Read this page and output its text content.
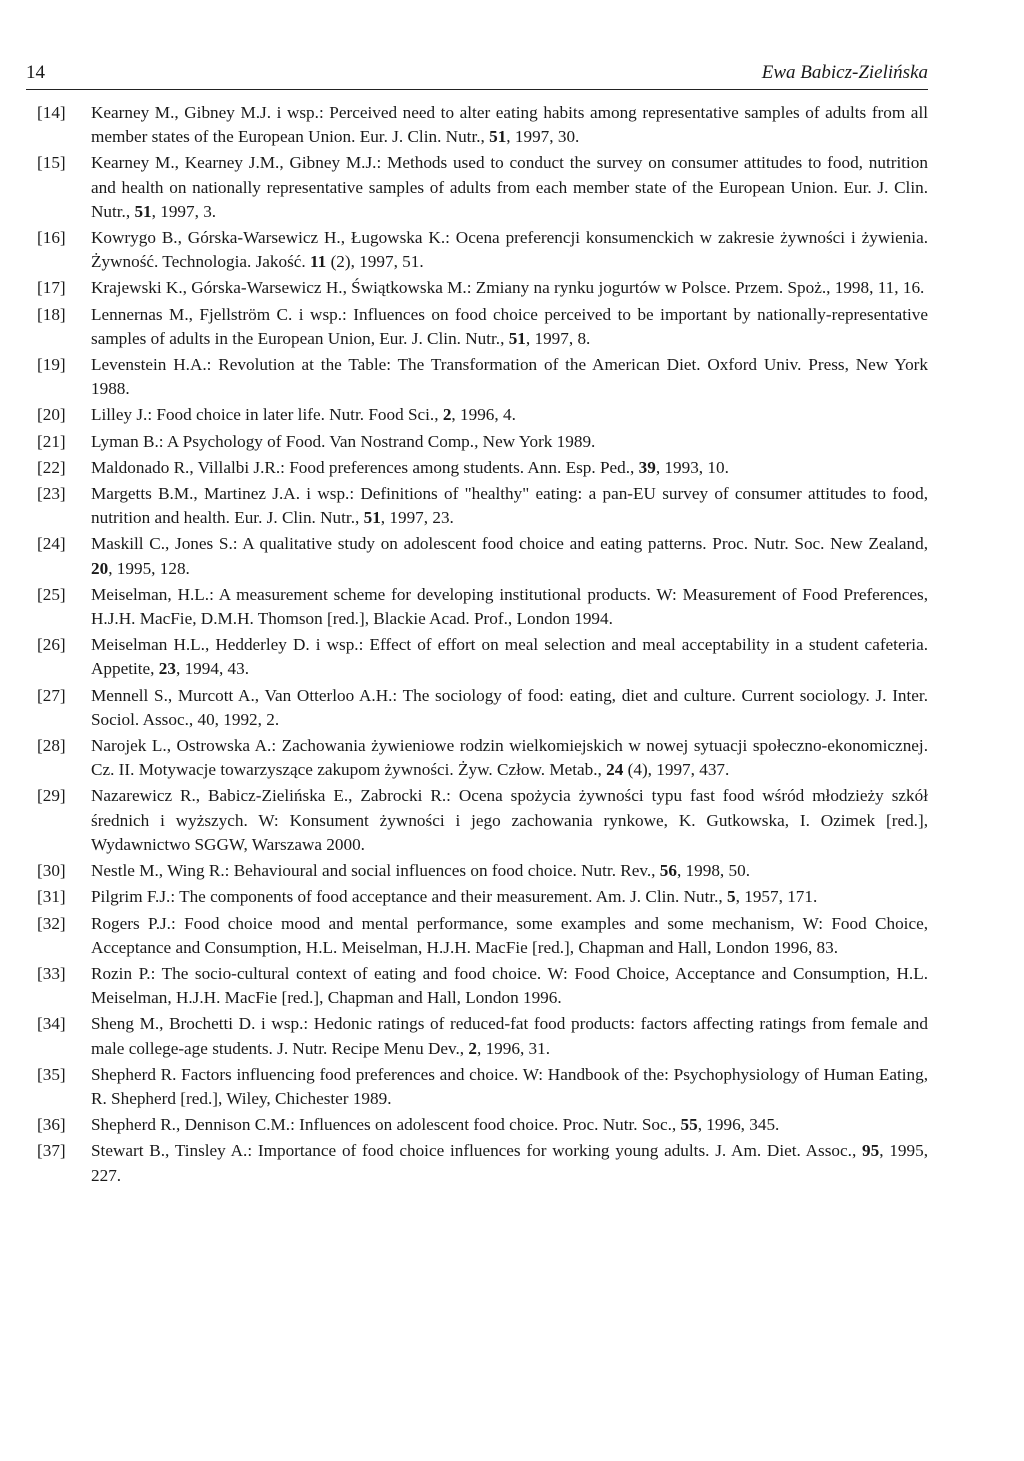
14	Ewa Babicz-Zielińska

[14] Kearney M., Gibney M.J. i wsp.: Perceived need to alter eating habits among representative samples of adults from all member states of the European Union. Eur. J. Clin. Nutr., 51, 1997, 30.

[15] Kearney M., Kearney J.M., Gibney M.J.: Methods used to conduct the survey on consumer attitudes to food, nutrition and health on nationally representative samples of adults from each member state of the European Union. Eur. J. Clin. Nutr., 51, 1997, 3.

[16] Kowrygo B., Górska-Warsewicz H., Ługowska K.: Ocena preferencji konsumenckich w zakresie żywności i żywienia. Żywność. Technologia. Jakość. 11 (2), 1997, 51.

[17] Krajewski K., Górska-Warsewicz H., Świątkowska M.: Zmiany na rynku jogurtów w Polsce. Przem. Spoż., 1998, 11, 16.

[18] Lennernas M., Fjellström C. i wsp.: Influences on food choice perceived to be important by nationally-representative samples of adults in the European Union, Eur. J. Clin. Nutr., 51, 1997, 8.

[19] Levenstein H.A.: Revolution at the Table: The Transformation of the American Diet. Oxford Univ. Press, New York 1988.

[20] Lilley J.: Food choice in later life. Nutr. Food Sci., 2, 1996, 4.

[21] Lyman B.: A Psychology of Food. Van Nostrand Comp., New York 1989.

[22] Maldonado R., Villalbi J.R.: Food preferences among students. Ann. Esp. Ped., 39, 1993, 10.

[23] Margetts B.M., Martinez J.A. i wsp.: Definitions of "healthy" eating: a pan-EU survey of consumer attitudes to food, nutrition and health. Eur. J. Clin. Nutr., 51, 1997, 23.

[24] Maskill C., Jones S.: A qualitative study on adolescent food choice and eating patterns. Proc. Nutr. Soc. New Zealand, 20, 1995, 128.

[25] Meiselman, H.L.: A measurement scheme for developing institutional products. W: Measurement of Food Preferences, H.J.H. MacFie, D.M.H. Thomson [red.], Blackie Acad. Prof., London 1994.

[26] Meiselman H.L., Hedderley D. i wsp.: Effect of effort on meal selection and meal acceptability in a student cafeteria. Appetite, 23, 1994, 43.

[27] Mennell S., Murcott A., Van Otterloo A.H.: The sociology of food: eating, diet and culture. Current sociology. J. Inter. Sociol. Assoc., 40, 1992, 2.

[28] Narojek L., Ostrowska A.: Zachowania żywieniowe rodzin wielkomiejskich w nowej sytuacji społeczno-ekonomicznej. Cz. II. Motywacje towarzyszące zakupom żywności. Żyw. Człow. Metab., 24 (4), 1997, 437.

[29] Nazarewicz R., Babicz-Zielińska E., Zabrocki R.: Ocena spożycia żywności typu fast food wśród młodzieży szkół średnich i wyższych. W: Konsument żywności i jego zachowania rynkowe, K. Gutkowska, I. Ozimek [red.], Wydawnictwo SGGW, Warszawa 2000.

[30] Nestle M., Wing R.: Behavioural and social influences on food choice. Nutr. Rev., 56, 1998, 50.

[31] Pilgrim F.J.: The components of food acceptance and their measurement. Am. J. Clin. Nutr., 5, 1957, 171.

[32] Rogers P.J.: Food choice mood and mental performance, some examples and some mechanism, W: Food Choice, Acceptance and Consumption, H.L. Meiselman, H.J.H. MacFie [red.], Chapman and Hall, London 1996, 83.

[33] Rozin P.: The socio-cultural context of eating and food choice. W: Food Choice, Acceptance and Consumption, H.L. Meiselman, H.J.H. MacFie [red.], Chapman and Hall, London 1996.

[34] Sheng M., Brochetti D. i wsp.: Hedonic ratings of reduced-fat food products: factors affecting ratings from female and male college-age students. J. Nutr. Recipe Menu Dev., 2, 1996, 31.

[35] Shepherd R. Factors influencing food preferences and choice. W: Handbook of the: Psychophysiology of Human Eating, R. Shepherd [red.], Wiley, Chichester 1989.

[36] Shepherd R., Dennison C.M.: Influences on adolescent food choice. Proc. Nutr. Soc., 55, 1996, 345.

[37] Stewart B., Tinsley A.: Importance of food choice influences for working young adults. J. Am. Diet. Assoc., 95, 1995, 227.
